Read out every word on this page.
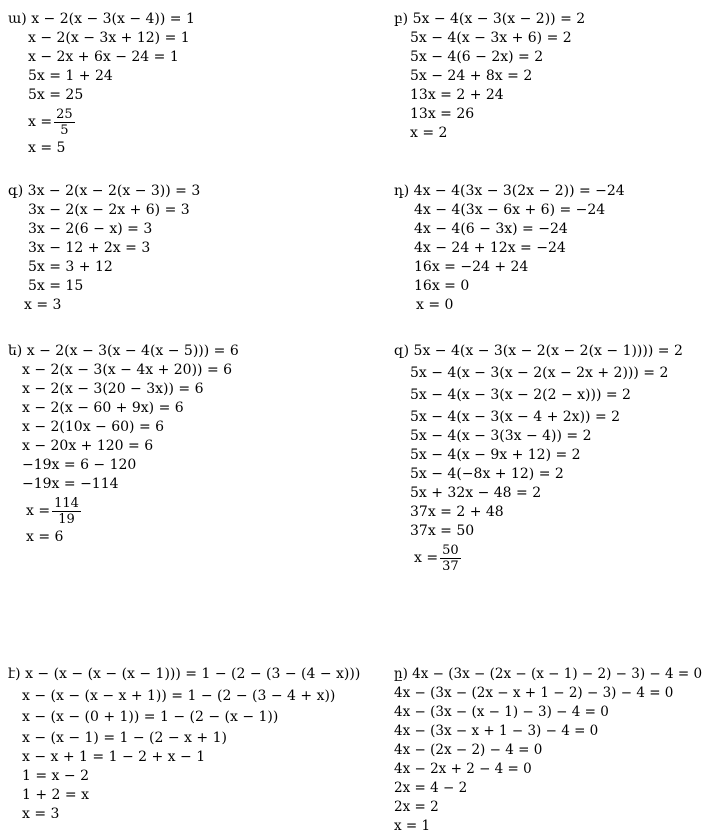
ա) x − 2(x − 3(x − 4)) = 1
x − 2(x − 3x + 12) = 1
x − 2x + 6x − 24 = 1
5x = 1 + 24
5x = 25
$x = \frac{25}{5}$
x = 5
բ) 5x − 4(x − 3(x − 2)) = 2
5x − 4(x − 3x + 6) = 2
5x − 4(6 − 2x) = 2
5x − 24 + 8x = 2
13x = 2 + 24
13x = 26
x = 2
գ) 3x − 2(x − 2(x − 3)) = 3
3x − 2(x − 2x + 6) = 3
3x − 2(6 − x) = 3
3x − 12 + 2x = 3
5x = 3 + 12
5x = 15
x = 3
դ) 4x − 4(3x − 3(2x − 2)) = −24
4x − 4(3x − 6x + 6) = −24
4x − 4(6 − 3x) = −24
4x − 24 + 12x = −24
16x = −24 + 24
16x = 0
x = 0
ե) x − 2(x − 3(x − 4(x − 5))) = 6
x − 2(x − 3(x − 4x + 20)) = 6
x − 2(x − 3(20 − 3x)) = 6
x − 2(x − 60 + 9x) = 6
x − 2(10x − 60) = 6
x − 20x + 120 = 6
−19x = 6 − 120
−19x = −114
$x = \frac{114}{19}$
x = 6
զ) 5x − 4(x − 3(x − 2(x − 2(x − 1)))) = 2
5x − 4(x − 3(x − 2(x − 2x + 2))) = 2
5x − 4(x − 3(x − 2(2 − x))) = 2
5x − 4(x − 3(x − 4 + 2x)) = 2
5x − 4(x − 3(3x − 4)) = 2
5x − 4(x − 9x + 12) = 2
5x − 4(−8x + 12) = 2
5x + 32x − 48 = 2
37x = 2 + 48
37x = 50
$x = \frac{50}{37}$
է) x − (x − (x − (x − 1))) = 1 − (2 − (3 − (4 − x)))
x − (x − (x − x + 1)) = 1 − (2 − (3 − 4 + x))
x − (x − (0 + 1)) = 1 − (2 − (x − 1))
x − (x − 1) = 1 − (2 − x + 1)
x − x + 1 = 1 − 2 + x − 1
1 = x − 2
1 + 2 = x
x = 3
ը) 4x − (3x − (2x − (x − 1) − 2) − 3) − 4 = 0
4x − (3x − (2x − x + 1 − 2) − 3) − 4 = 0
4x − (3x − (x − 1) − 3) − 4 = 0
4x − (3x − x + 1 − 3) − 4 = 0
4x − (2x − 2) − 4 = 0
4x − 2x + 2 − 4 = 0
2x = 4 − 2
2x = 2
x = 1
